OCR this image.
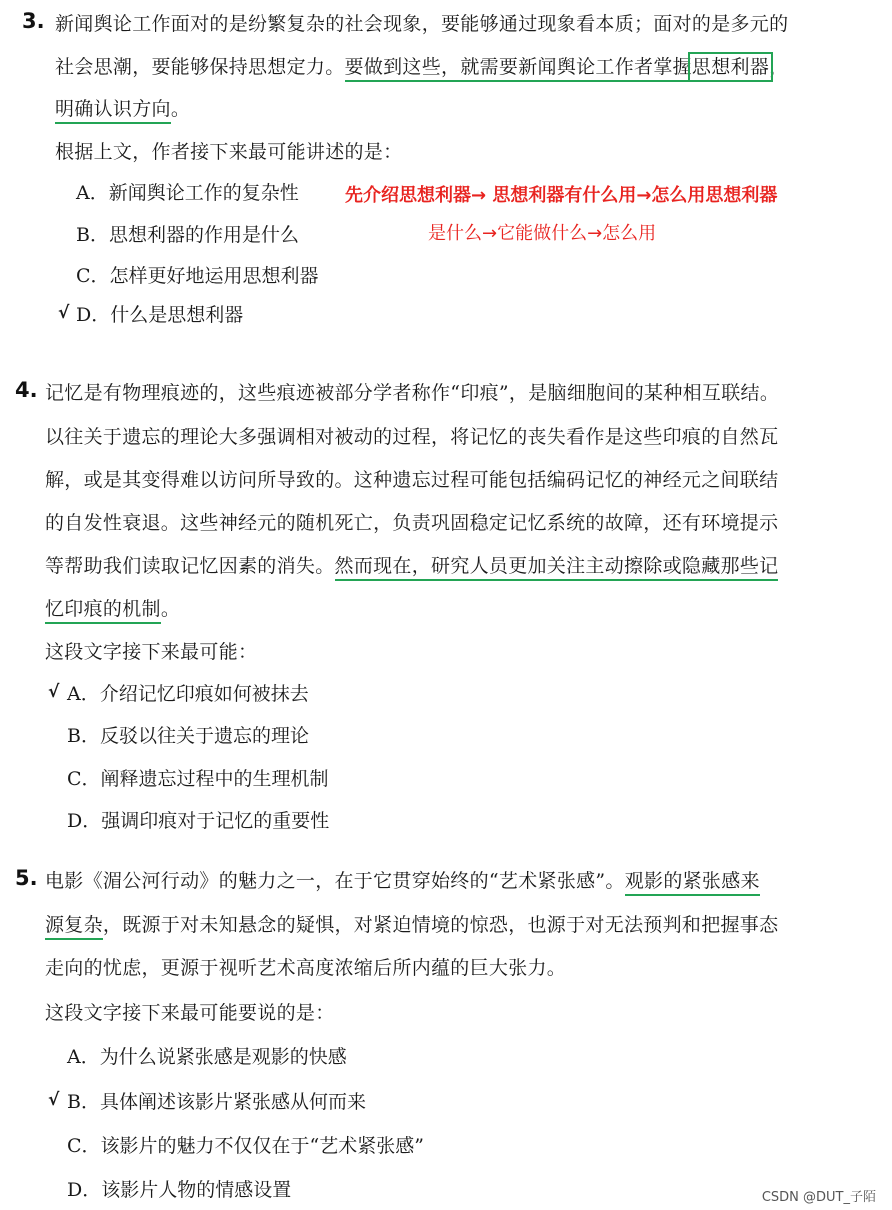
3. 新闻舆论工作面对的是纷繁复杂的社会现象，要能够通过现象看本质；面对的是多元的
社会思潮，要能够保持思想定力。要做到这些，就需要新闻舆论工作者掌握思想利器，
明确认识方向。
根据上文，作者接下来最可能讲述的是：
A．新闻舆论工作的复杂性
B．思想利器的作用是什么
C．怎样更好地运用思想利器
√ D．什么是思想利器
先介绍思想利器→ 思想利器有什么用→怎么用思想利器
是什么→它能做什么→怎么用
4. 记忆是有物理痕迹的，这些痕迹被部分学者称作“印痕”，是脑细胞间的某种相互联结。
以往关于遗忘的理论大多强调相对被动的过程，将记忆的丧失看作是这些印痕的自然瓦
解，或是其变得难以访问所导致的。这种遗忘过程可能包括编码记忆的神经元之间联结
的自发性衰退。这些神经元的随机死亡，负责巩固稳定记忆系统的故障，还有环境提示
等帮助我们读取记忆因素的消失。然而现在，研究人员更加关注主动擦除或隐藏那些记
忆印痕的机制。
这段文字接下来最可能：
√ A．介绍记忆印痕如何被抹去
B．反驳以往关于遗忘的理论
C．阐释遗忘过程中的生理机制
D．强调印痕对于记忆的重要性
5. 电影《湄公河行动》的魅力之一，在于它贯穿始终的“艺术紧张感”。观影的紧张感来
源复杂，既源于对未知悬念的疑惧，对紧迫情境的惊恐，也源于对无法预判和把握事态
走向的忧虑，更源于视听艺术高度浓缩后所内蕴的巨大张力。
这段文字接下来最可能要说的是：
A．为什么说紧张感是观影的快感
√ B．具体阐述该影片紧张感从何而来
C．该影片的魅力不仅仅在于“艺术紧张感”
D．该影片人物的情感设置	CSDN @DUT_子陌
